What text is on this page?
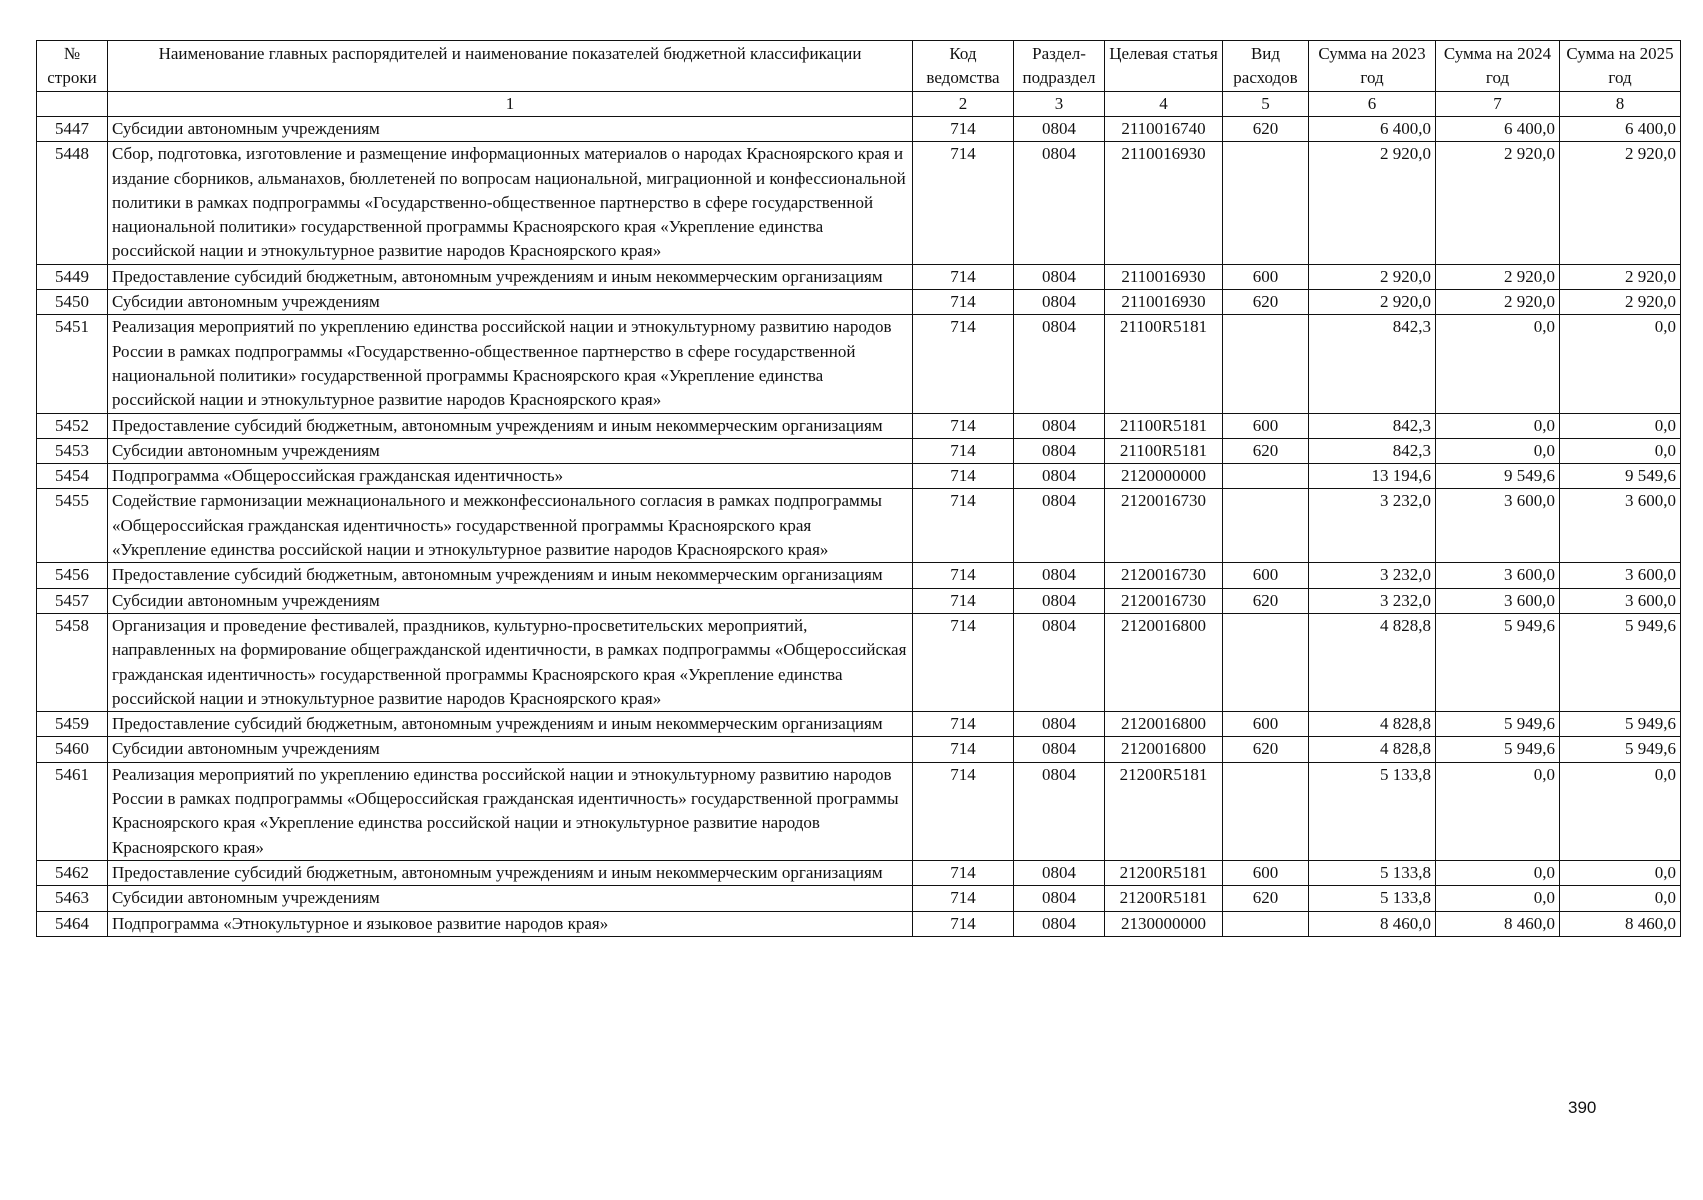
№ строки	Наименование главных распорядителей и наименование показателей бюджетной классификации	Код ведомства	Раздел-подраздел	Целевая статья	Вид расходов	Сумма на 2023 год	Сумма на 2024 год	Сумма на 2025 год
	1	2	3	4	5	6	7	8
5447	Субсидии автономным учреждениям	714	0804	2110016740	620	6 400,0	6 400,0	6 400,0
5448	Сбор, подготовка, изготовление и размещение информационных материалов о народах Красноярского края и издание сборников, альманахов, бюллетеней по вопросам национальной, миграционной и конфессиональной политики в рамках подпрограммы «Государственно-общественное партнерство в сфере государственной национальной политики» государственной программы Красноярского края «Укрепление единства российской нации и этнокультурное развитие народов Красноярского края»	714	0804	2110016930		2 920,0	2 920,0	2 920,0
5449	Предоставление субсидий бюджетным, автономным учреждениям и иным некоммерческим организациям	714	0804	2110016930	600	2 920,0	2 920,0	2 920,0
5450	Субсидии автономным учреждениям	714	0804	2110016930	620	2 920,0	2 920,0	2 920,0
5451	Реализация мероприятий по укреплению единства российской нации и этнокультурному развитию народов России в рамках подпрограммы «Государственно-общественное партнерство в сфере государственной национальной политики» государственной программы Красноярского края «Укрепление единства российской нации и этнокультурное развитие народов Красноярского края»	714	0804	21100R5181		842,3	0,0	0,0
5452	Предоставление субсидий бюджетным, автономным учреждениям и иным некоммерческим организациям	714	0804	21100R5181	600	842,3	0,0	0,0
5453	Субсидии автономным учреждениям	714	0804	21100R5181	620	842,3	0,0	0,0
5454	Подпрограмма «Общероссийская гражданская идентичность»	714	0804	2120000000		13 194,6	9 549,6	9 549,6
5455	Содействие гармонизации межнационального и межконфессионального согласия в рамках подпрограммы «Общероссийская гражданская идентичность» государственной программы Красноярского края «Укрепление единства российской нации и этнокультурное развитие народов Красноярского края»	714	0804	2120016730		3 232,0	3 600,0	3 600,0
5456	Предоставление субсидий бюджетным, автономным учреждениям и иным некоммерческим организациям	714	0804	2120016730	600	3 232,0	3 600,0	3 600,0
5457	Субсидии автономным учреждениям	714	0804	2120016730	620	3 232,0	3 600,0	3 600,0
5458	Организация и проведение фестивалей, праздников, культурно-просветительских мероприятий, направленных на формирование общегражданской идентичности, в рамках подпрограммы «Общероссийская гражданская идентичность» государственной программы Красноярского края «Укрепление единства российской нации и этнокультурное развитие народов Красноярского края»	714	0804	2120016800		4 828,8	5 949,6	5 949,6
5459	Предоставление субсидий бюджетным, автономным учреждениям и иным некоммерческим организациям	714	0804	2120016800	600	4 828,8	5 949,6	5 949,6
5460	Субсидии автономным учреждениям	714	0804	2120016800	620	4 828,8	5 949,6	5 949,6
5461	Реализация мероприятий по укреплению единства российской нации и этнокультурному развитию народов России в рамках подпрограммы «Общероссийская гражданская идентичность» государственной программы Красноярского края «Укрепление единства российской нации и этнокультурное развитие народов Красноярского края»	714	0804	21200R5181		5 133,8	0,0	0,0
5462	Предоставление субсидий бюджетным, автономным учреждениям и иным некоммерческим организациям	714	0804	21200R5181	600	5 133,8	0,0	0,0
5463	Субсидии автономным учреждениям	714	0804	21200R5181	620	5 133,8	0,0	0,0
5464	Подпрограмма «Этнокультурное и языковое развитие народов края»	714	0804	2130000000		8 460,0	8 460,0	8 460,0
390
